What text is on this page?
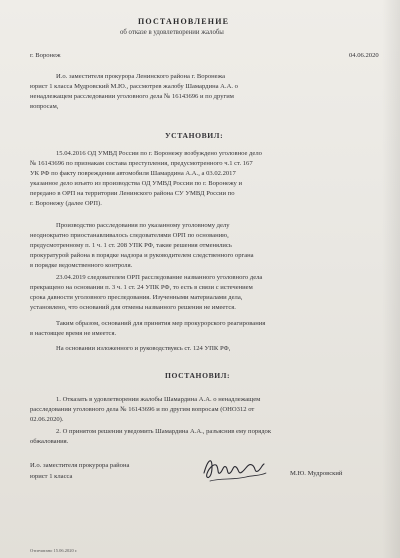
ПОСТАНОВЛЕНИЕ
об отказе в удовлетворении жалобы
г. Воронеж	04.06.2020
И.о. заместителя прокурора Ленинского района г. Воронежа
юрист 1 класса Мудровский М.Ю., рассмотрев жалобу Шамардина А.А. о
ненадлежащем расследовании уголовного дела № 16143696 и по другим
вопросам,
УСТАНОВИЛ:
15.04.2016 ОД УМВД России по г. Воронежу возбуждено уголовное дело
№ 16143696 по признакам состава преступления, предусмотренного ч.1 ст. 167
УК РФ по факту повреждения автомобиля Шамардина А.А., а 03.02.2017
указанное дело изъято из производства ОД УМВД России по г. Воронежу и
передано в ОРП на территории Ленинского района СУ УМВД России по
г. Воронежу (далее ОРП).
Производство расследования по указанному уголовному делу
неоднократно приостанавливалось следователями ОРП по основанию,
предусмотренному п. 1 ч. 1 ст. 208 УПК РФ, такие решения отменялись
прокуратурой района в порядке надзора и руководителем следственного органа
в порядке ведомственного контроля.
23.04.2019 следователем ОРП расследование названного уголовного дела
прекращено на основании п. 3 ч. 1 ст. 24 УПК РФ, то есть в связи с истечением
срока давности уголовного преследования. Изученными материалами дела,
установлено, что оснований для отмены названного решения не имеется.
Таким образом, оснований для принятия мер прокурорского реагирования
в настоящее время не имеется.
На основании изложенного и руководствуясь ст. 124 УПК РФ,
ПОСТАНОВИЛ:
1. Отказать в удовлетворении жалобы Шамардина А.А. о ненадлежащем
расследовании уголовного дела № 16143696 и по другим вопросам (ОНО312 от
02.06.2020).
2. О принятом решении уведомить Шамардина А.А., разъяснив ему порядок
обжалования.
И.о. заместителя прокурора района
юрист 1 класса	М.Ю. Мудровский
Отпечатано 15.06.2020 г.
